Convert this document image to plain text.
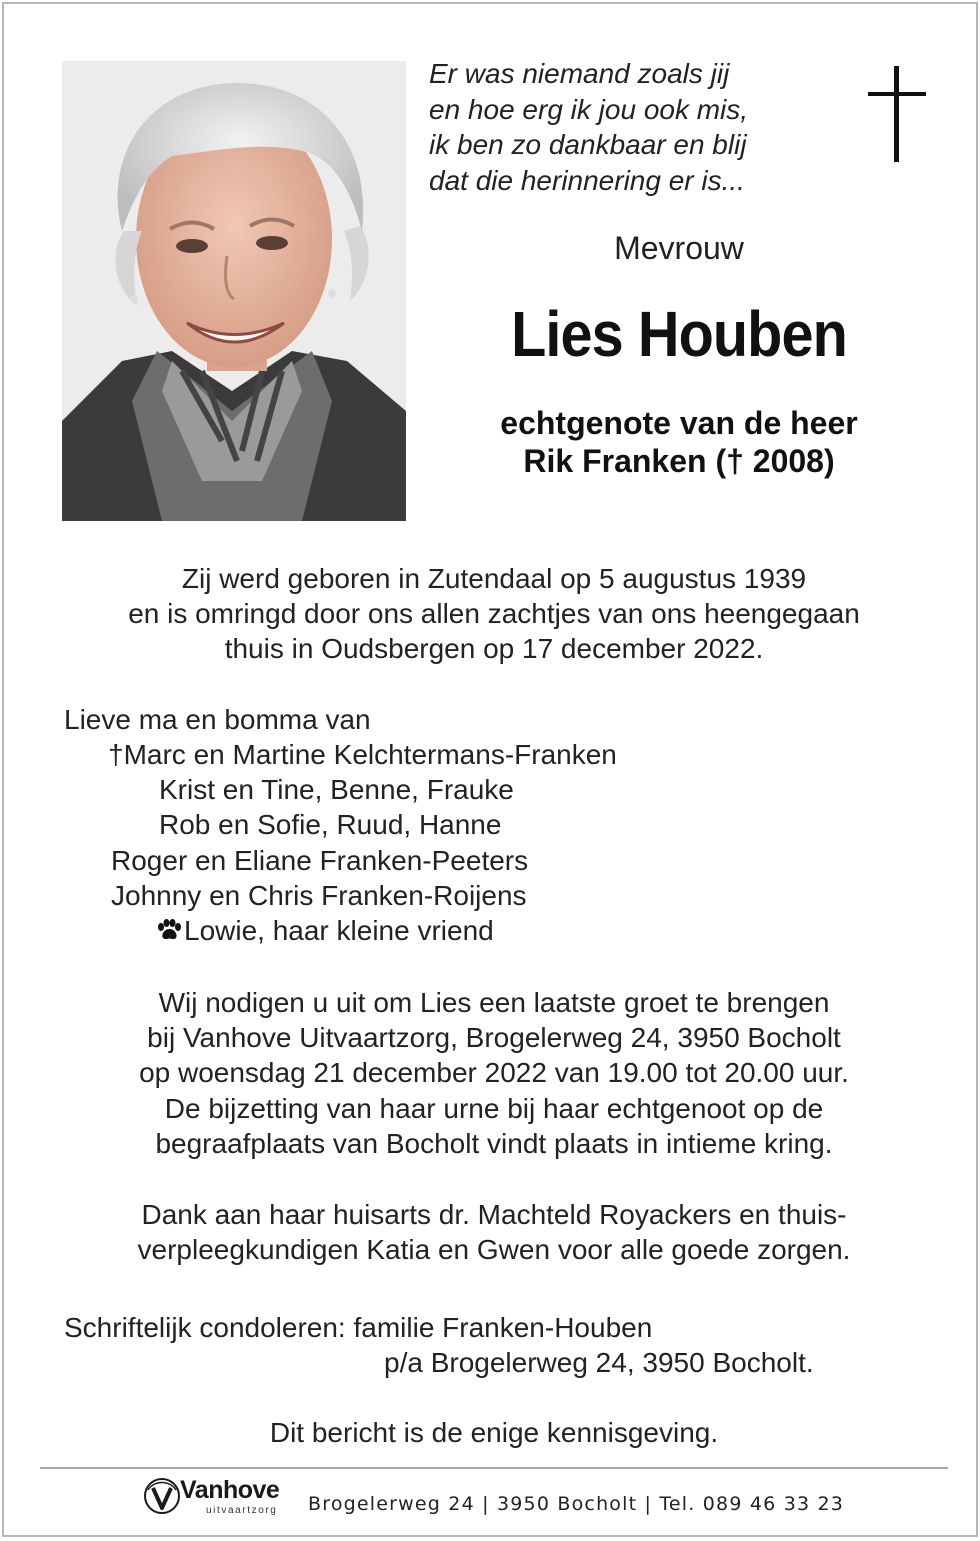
Er was niemand zoals jij
en hoe erg ik jou ook mis,
ik ben zo dankbaar en blij
dat die herinnering er is...
Mevrouw
Lies Houben
echtgenote van de heer
Rik Franken († 2008)
Zij werd geboren in Zutendaal op 5 augustus 1939
en is omringd door ons allen zachtjes van ons heengegaan
thuis in Oudsbergen op 17 december 2022.
Lieve ma en bomma van
†Marc en Martine Kelchtermans-Franken
Krist en Tine, Benne, Frauke
Rob en Sofie, Ruud, Hanne
Roger en Eliane Franken-Peeters
Johnny en Chris Franken-Roijens
Lowie, haar kleine vriend
Wij nodigen u uit om Lies een laatste groet te brengen
bij Vanhove Uitvaartzorg, Brogelerweg 24, 3950 Bocholt
op woensdag 21 december 2022 van 19.00 tot 20.00 uur.
De bijzetting van haar urne bij haar echtgenoot op de
begraafplaats van Bocholt vindt plaats in intieme kring.
Dank aan haar huisarts dr. Machteld Royackers en thuis-
verpleegkundigen Katia en Gwen voor alle goede zorgen.
Schriftelijk condoleren: familie Franken-Houben
p/a Brogelerweg 24, 3950 Bocholt.
Dit bericht is de enige kennisgeving.
Vanhove
uitvaartzorg Brogelerweg 24 | 3950 Bocholt | Tel. 089 46 33 23
